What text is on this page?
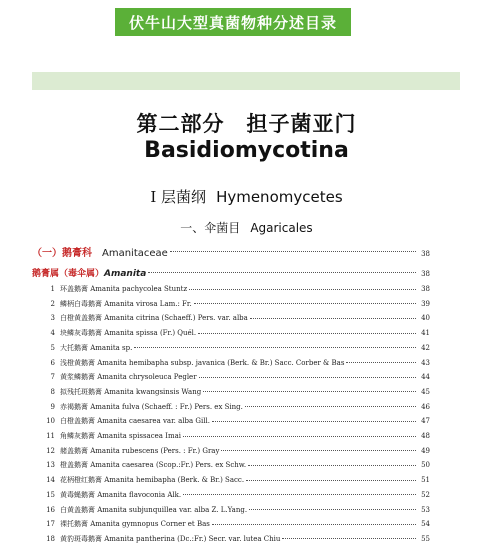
伏牛山大型真菌物种分述目录
第二部分　担子菌亚门
Basidiomycotina
I 层菌纲 Hymenomycetes
一、伞菌目 Agaricales
（一）鹅膏科 Amanitaceae	38
鹅膏属（毒伞属） Amanita	38
1 环盖鹅膏 Amanita pachycolea Stuntz	38
2 鳞柄白毒鹅膏 Amanita virosa Lam.: Fr.	39
3 白橙黄盖鹅膏 Amanita citrina (Schaeff.) Pers. var. alba	40
4 块鳞灰毒鹅膏 Amanita spissa (Fr.) Quél.	41
5 大托鹅膏 Amanita sp.	42
6 浅橙黄鹅膏 Amanita hemibapha subsp. javanica (Berk. & Br.) Sacc. Corber & Bas	43
7 黄浆鳞鹅膏 Amanita chrysoleuca Pegler	44
8 拟残托斑鹅膏 Amanita kwangsinsis Wang	45
9 赤褐鹅膏 Amanita fulva (Schaeff. : Fr.) Pers. ex Sing.	46
10 白橙盖鹅膏 Amanita caesarea var. alba Gill.	47
11 角鳞灰鹅膏 Amanita spissacea Imai	48
12 赭盖鹅膏 Amanita rubescens (Pers. : Fr.) Gray	49
13 橙盖鹅膏 Amanita caesarea (Scop.:Fr.) Pers. ex Schw.	50
14 花柄橙红鹅膏 Amanita hemibapha (Berk. & Br.) Sacc.	51
15 黄毒蝇鹅膏 Amanita flavoconia Alk.	52
16 白黄盖鹅膏 Amanita subjunquillea var. alba Z. L.Yang.	53
17 裸托鹅膏 Amanita gymnopus Corner et Bas	54
18 黄豹斑毒鹅膏 Amanita pantherina (Dc.:Fr.) Secr. var. lutea Chiu	55
